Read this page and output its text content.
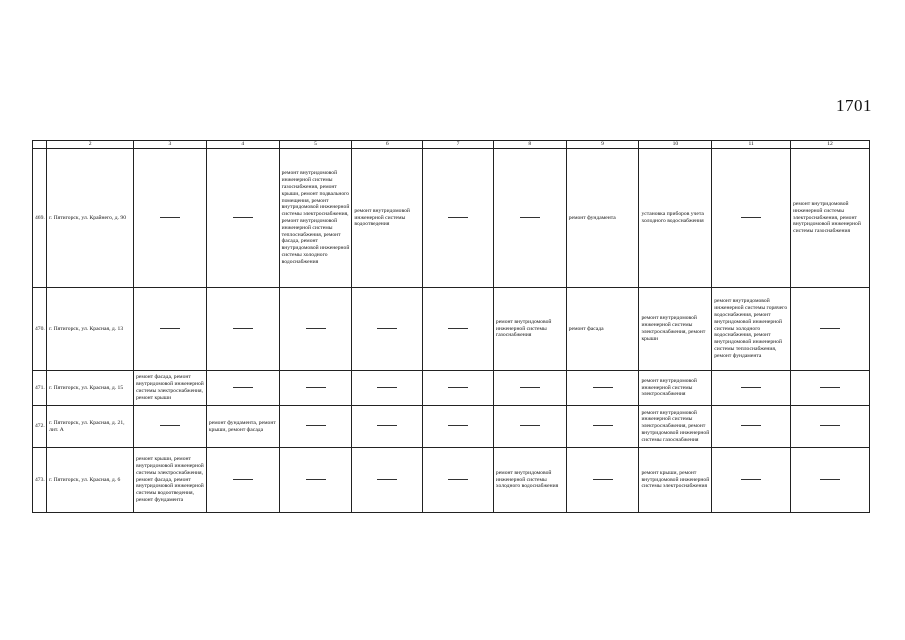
1701
	2	3	4	5	6	7	8	9	10	11	12
469.	г. Пятигорск, ул. Крайнего, д. 90			ремонт внутридомовой инженерной системы газоснабжения, ремонт крыши, ремонт подвального помещения, ремонт внутридомовой инженерной системы электроснабжения, ремонт внутридомовой инженерной системы теплоснабжения, ремонт фасада, ремонт внутридомовой инженерной системы холодного водоснабжения	ремонт внутридомовой инженерной системы водоотведения			ремонт фундамента	установка приборов учета холодного водоснабжения		ремонт внутридомовой инженерной системы электроснабжения, ремонт внутридомовой инженерной системы газоснабжения
470.	г. Пятигорск, ул. Красная, д. 13						ремонт внутридомовой инженерной системы газоснабжения	ремонт фасада	ремонт внутридомовой инженерной системы электроснабжения, ремонт крыши	ремонт внутридомовой инженерной системы горячего водоснабжения, ремонт внутридомовой инженерной системы холодного водоснабжения, ремонт внутридомовой инженерной системы теплоснабжения, ремонт фундамента	
471.	г. Пятигорск, ул. Красная, д. 15	ремонт фасада, ремонт внутридомовой инженерной системы электроснабжения, ремонт крыши							ремонт внутридомовой инженерной системы электроснабжения		
472.	г. Пятигорск, ул. Красная, д. 21, лит. А		ремонт фундамента, ремонт крыши, ремонт фасада						ремонт внутридомовой инженерной системы электроснабжения, ремонт внутридомовой инженерной системы газоснабжения		
473.	г. Пятигорск, ул. Красная, д. 6	ремонт крыши, ремонт внутридомовой инженерной системы электроснабжения, ремонт фасада, ремонт внутридомовой инженерной системы водоотведения, ремонт фундамента					ремонт внутридомовой инженерной системы холодного водоснабжения		ремонт крыши, ремонт внутридомовой инженерной системы электроснабжения		
